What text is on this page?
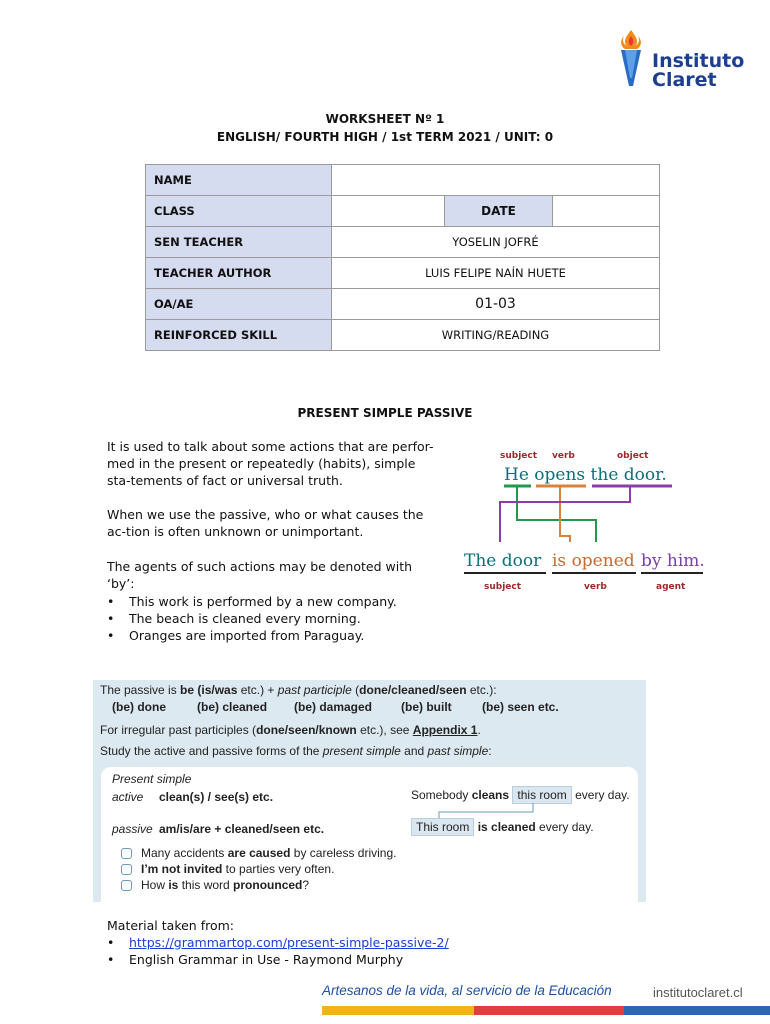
Instituto
Claret
WORKSHEET Nº 1
ENGLISH/ FOURTH HIGH / 1st TERM 2021 / UNIT: 0
NAME			
CLASS		DATE	
SEN TEACHER	YOSELIN JOFRÉ		
TEACHER AUTHOR	LUIS FELIPE NAÍN HUETE		
OA/AE	01-03		
REINFORCED SKILL	WRITING/READING		
PRESENT SIMPLE PASSIVE
It is used to talk about some actions that are perfor-med in the present or repeatedly (habits), simple sta-tements of fact or universal truth.
When we use the passive, who or what causes the ac-tion is often unknown or unimportant.
The agents of such actions may be denoted with ‘by’:
• This work is performed by a new company.
• The beach is cleaned every morning.
• Oranges are imported from Paraguay.
subject verb	object
He opens the door.
The door is opened by him.
subject	verb	agent
The passive is be (is/was etc.) + past participle (done/cleaned/seen etc.):
(be) done	(be) cleaned (be) damaged (be) built	(be) seen etc.
For irregular past participles (done/seen/known etc.), see Appendix 1.
Study the active and passive forms of the present simple and past simple:
Present simple
active clean(s) / see(s) etc.	Somebody cleans this room every day.
passive am/is/are + cleaned/seen etc.	This room is cleaned every day.
Many accidents are caused by careless driving.
I’m not invited to parties very often.
How is this word pronounced?
Material taken from:
• https://grammartop.com/present-simple-passive-2/
• English Grammar in Use - Raymond Murphy
Artesanos de la vida, al servicio de la Educación	institutoclaret.cl
